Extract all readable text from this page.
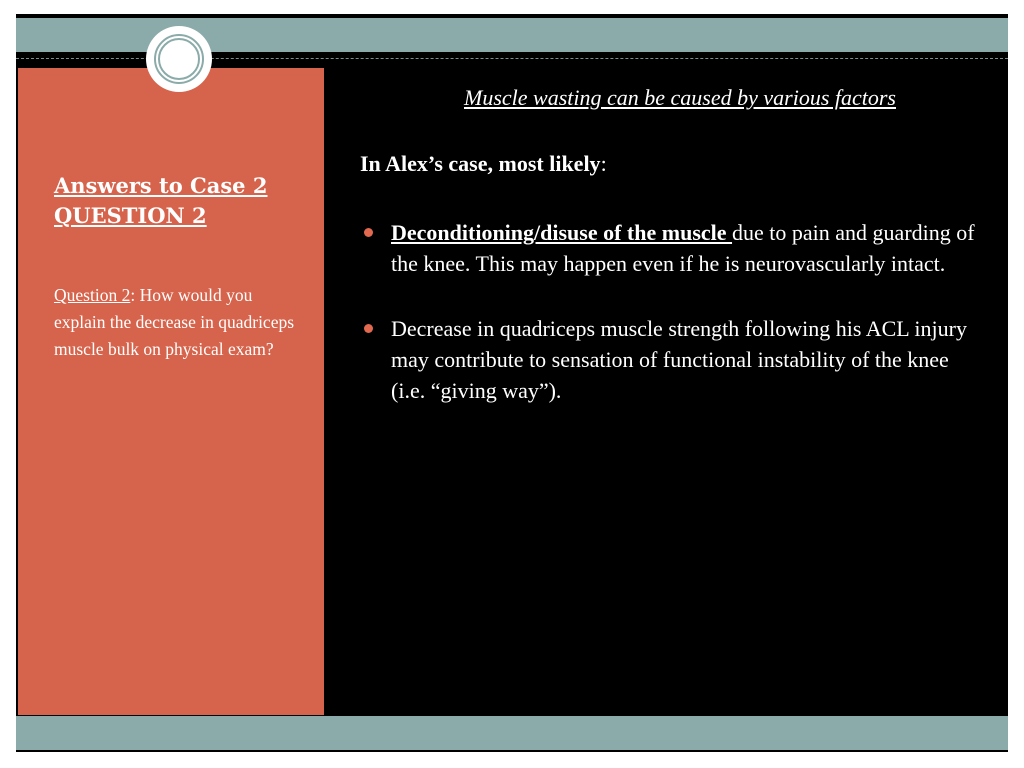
Answers to Case 2
QUESTION 2
Question 2: How would you explain the decrease in quadriceps muscle bulk on physical exam?
Muscle wasting can be caused by various factors
In Alex’s case, most likely:
Deconditioning/disuse of the muscle due to pain and guarding of the knee. This may happen even if he is neurovascularly intact.
Decrease in quadriceps muscle strength following his ACL injury may contribute to sensation of functional instability of the knee (i.e. “giving way”).
